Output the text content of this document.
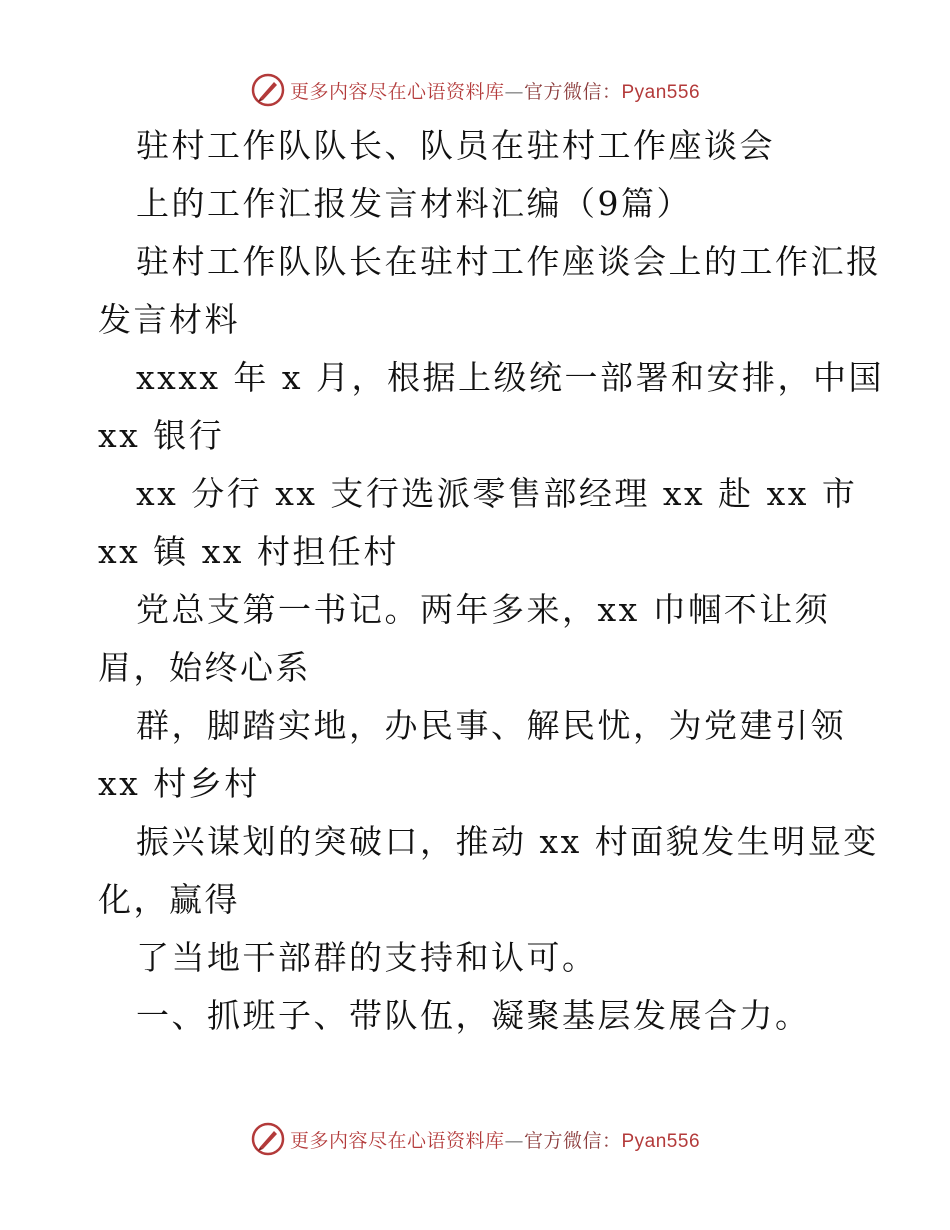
更多内容尽在心语资料库—官方微信：Pyan556
驻村工作队队长、队员在驻村工作座谈会
上的工作汇报发言材料汇编（9篇）
驻村工作队队长在驻村工作座谈会上的工作汇报
发言材料
xxxx 年 x 月，根据上级统一部署和安排，中国
xx 银行
xx 分行 xx 支行选派零售部经理 xx 赴 xx 市
xx 镇 xx 村担任村
党总支第一书记。两年多来，xx 巾帼不让须
眉，始终心系
群，脚踏实地，办民事、解民忧，为党建引领
xx 村乡村
振兴谋划的突破口，推动 xx 村面貌发生明显变
化，赢得
了当地干部群的支持和认可。
一、抓班子、带队伍，凝聚基层发展合力。
更多内容尽在心语资料库—官方微信：Pyan556
